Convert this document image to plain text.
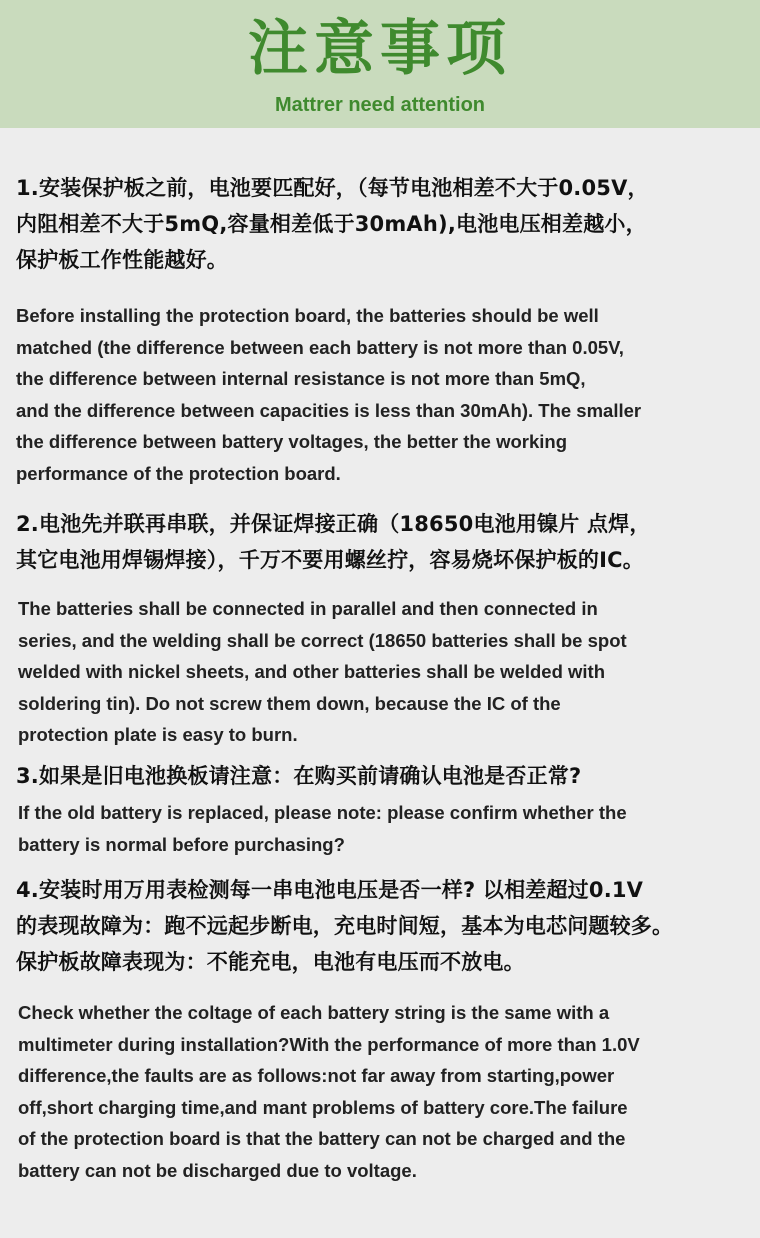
注意事项
Mattrer need attention
1.安装保护板之前，电池要匹配好，（每节电池相差不大于0.05V，
内阻相差不大于5mQ,容量相差低于30mAh),电池电压相差越小，
保护板工作性能越好。
Before installing the protection board, the batteries should be well
matched (the difference between each battery is not more than 0.05V,
the difference between internal resistance is not more than 5mQ,
and the difference between capacities is less than 30mAh). The smaller
the difference between battery voltages, the better the working
performance of the protection board.
2.电池先并联再串联，并保证焊接正确（18650电池用镍片 点焊，
其它电池用焊锡焊接），千万不要用螺丝拧，容易烧坏保护板的IC。
The batteries shall be connected in parallel and then connected in
series, and the welding shall be correct (18650 batteries shall be spot
welded with nickel sheets, and other batteries shall be welded with
soldering tin). Do not screw them down, because the IC of the
protection plate is easy to burn.
3.如果是旧电池换板请注意：在购买前请确认电池是否正常?
If the old battery is replaced, please note: please confirm whether the
battery is normal before purchasing?
4.安装时用万用表检测每一串电池电压是否一样? 以相差超过0.1V
的表现故障为：跑不远起步断电，充电时间短，基本为电芯问题较多。
保护板故障表现为：不能充电，电池有电压而不放电。
Check whether the coltage of each battery string is the same with a
multimeter during installation?With the performance of more than 1.0V
difference,the faults are as follows:not far away from starting,power
off,short charging time,and mant problems of battery core.The failure
of the protection board is that the battery can not be charged and the
battery can not be discharged due to voltage.
